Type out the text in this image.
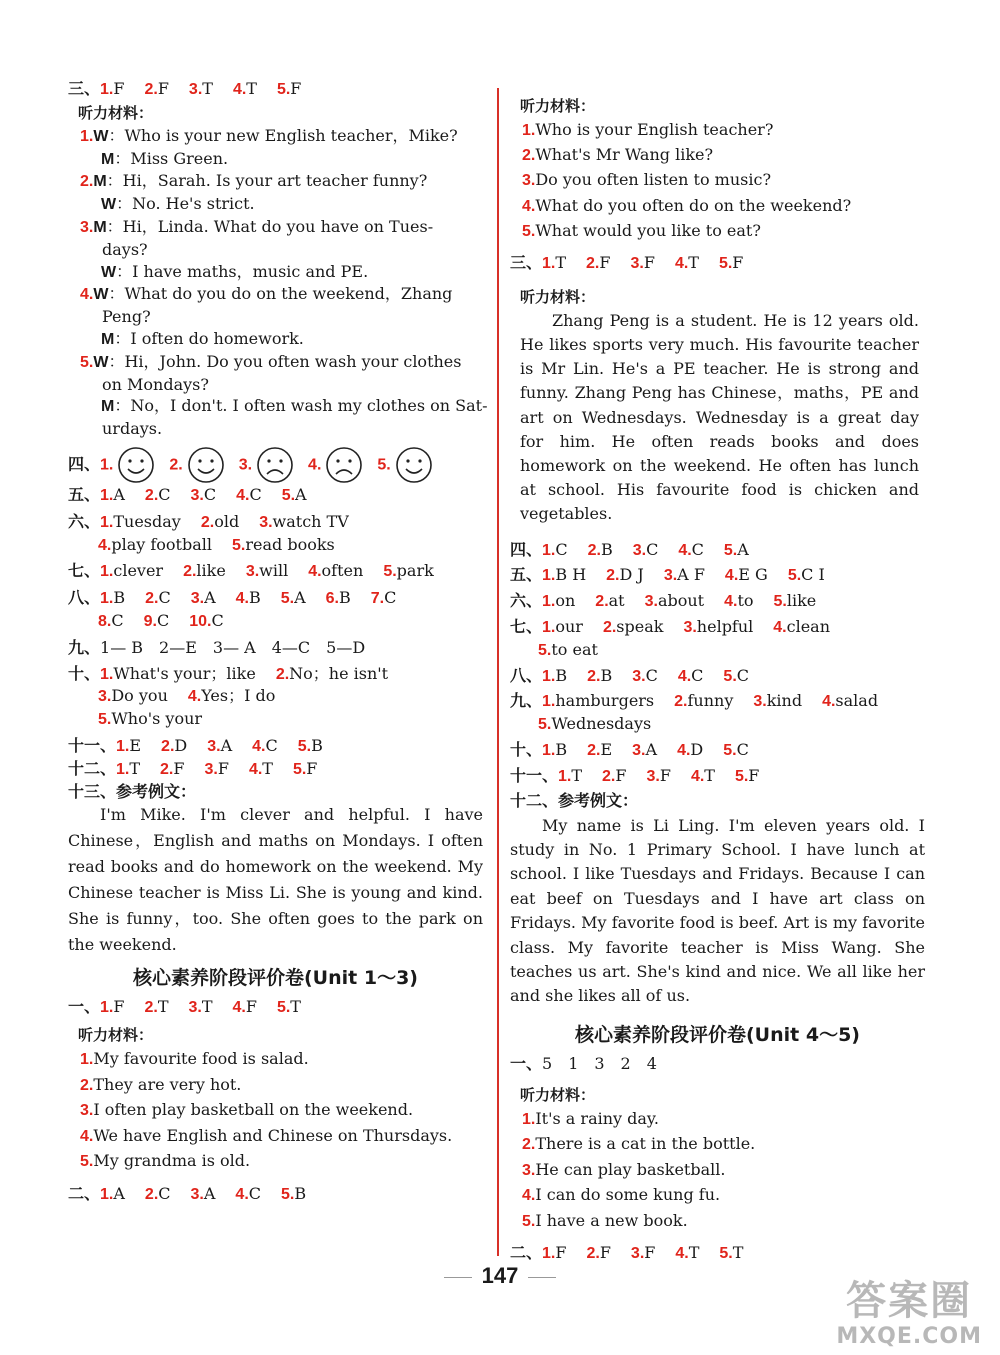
三、1.F 2.F 3.T 4.T 5.F
听力材料：
1.W：Who is your new English teacher，Mike?
M：Miss Green.
2.M：Hi，Sarah. Is your art teacher funny?
W：No. He's strict.
3.M：Hi，Linda. What do you have on Tues-
days?
W：I have maths，music and PE.
4.W：What do you do on the weekend，Zhang
Peng?
M：I often do homework.
5.W：Hi，John. Do you often wash your clothes
on Mondays?
M：No，I don't. I often wash my clothes on Sat-
urdays.
四、1.	2.	3.	4.	5.
五、1.A 2.C 3.C 4.C 5.A
六、1.Tuesday 2.old 3.watch TV
4.play football 5.read books
七、1.clever 2.like 3.will 4.often 5.park
八、1.B 2.C 3.A 4.B 5.A 6.B 7.C
8.C 9.C 10.C
九、1— B　2—E　3— A　4—C　5—D
十、1.What's your；like 2.No；he isn't
3.Do you 4.Yes；I do
5.Who's your
十一、1.E 2.D 3.A 4.C 5.B
十二、1.T 2.F 3.F 4.T 5.F
十三、参考例文：

I'm Mike. I'm clever and helpful. I have Chinese，English and maths on Mondays. I often read books and do homework on the weekend. My Chinese teacher is Miss Li. She is young and kind. She is funny，too. She often goes to the park on the weekend.

核心素养阶段评价卷(Unit 1～3)
一、1.F 2.T 3.T 4.F 5.T
听力材料：
1.My favourite food is salad.
2.They are very hot.
3.I often play basketball on the weekend.
4.We have English and Chinese on Thursdays.
5.My grandma is old.
二、1.A 2.C 3.A 4.C 5.B
听力材料：
1.Who is your English teacher?
2.What's Mr Wang like?
3.Do you often listen to music?
4.What do you often do on the weekend?
5.What would you like to eat?
三、1.T 2.F 3.F 4.T 5.F
听力材料：

Zhang Peng is a student. He is 12 years old. He likes sports very much. His favourite teacher is Mr Lin. He's a PE teacher. He is strong and funny. Zhang Peng has Chinese，maths，PE and art on Wednesdays. Wednesday is a great day for him. He often reads books and does homework on the weekend. He often has lunch at school. His favourite food is chicken and vegetables.

四、1.C 2.B 3.C 4.C 5.A
五、1.B H 2.D J 3.A F 4.E G 5.C I
六、1.on 2.at 3.about 4.to 5.like
七、1.our 2.speak 3.helpful 4.clean
5.to eat
八、1.B 2.B 3.C 4.C 5.C
九、1.hamburgers 2.funny 3.kind 4.salad
5.Wednesdays
十、1.B 2.E 3.A 4.D 5.C
十一、1.T 2.F 3.F 4.T 5.F
十二、参考例文：

My name is Li Ling. I'm eleven years old. I study in No. 1 Primary School. I have lunch at school. I like Tuesdays and Fridays. Because I can eat beef on Tuesdays and I have art class on Fridays. My favorite food is beef. Art is my favorite class. My favorite teacher is Miss Wang. She teaches us art. She's kind and nice. We all like her and she likes all of us.

核心素养阶段评价卷(Unit 4～5)
一、5　1　3　2　4
听力材料：
1.It's a rainy day.
2.There is a cat in the bottle.
3.He can play basketball.
4.I can do some kung fu.
5.I have a new book.
二、1.F 2.F 3.F 4.T 5.T
147
答案圈
MXQE.COM
